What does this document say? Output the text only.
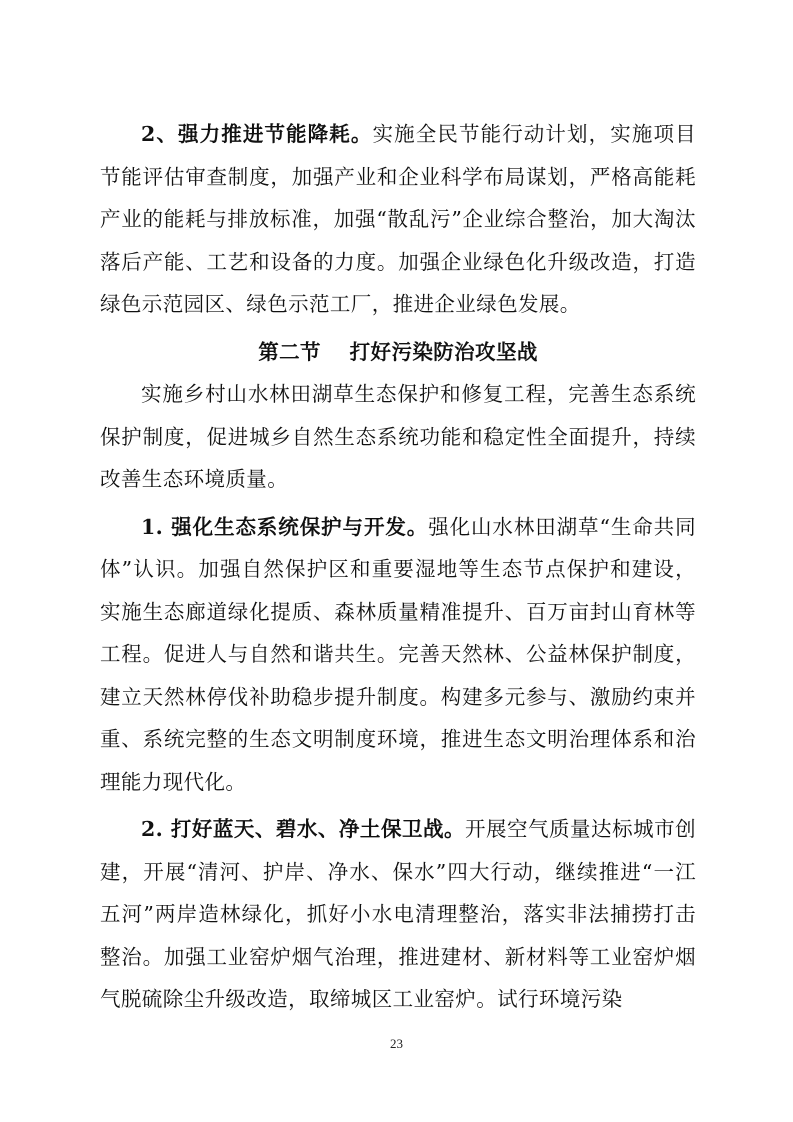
2、强力推进节能降耗。实施全民节能行动计划，实施项目节能评估审查制度，加强产业和企业科学布局谋划，严格高能耗产业的能耗与排放标准，加强“散乱污”企业综合整治，加大淘汰落后产能、工艺和设备的力度。加强企业绿色化升级改造，打造绿色示范园区、绿色示范工厂，推进企业绿色发展。

第二节 打好污染防治攻坚战

实施乡村山水林田湖草生态保护和修复工程，完善生态系统保护制度，促进城乡自然生态系统功能和稳定性全面提升，持续改善生态环境质量。

1. 强化生态系统保护与开发。强化山水林田湖草“生命共同体”认识。加强自然保护区和重要湿地等生态节点保护和建设，实施生态廊道绿化提质、森林质量精准提升、百万亩封山育林等工程。促进人与自然和谐共生。完善天然林、公益林保护制度，建立天然林停伐补助稳步提升制度。构建多元参与、激励约束并重、系统完整的生态文明制度环境，推进生态文明治理体系和治理能力现代化。

2. 打好蓝天、碧水、净土保卫战。开展空气质量达标城市创建，开展“清河、护岸、净水、保水”四大行动，继续推进“一江五河”两岸造林绿化，抓好小水电清理整治，落实非法捕捞打击整治。加强工业窑炉烟气治理，推进建材、新材料等工业窑炉烟气脱硫除尘升级改造，取缔城区工业窑炉。试行环境污染

23
